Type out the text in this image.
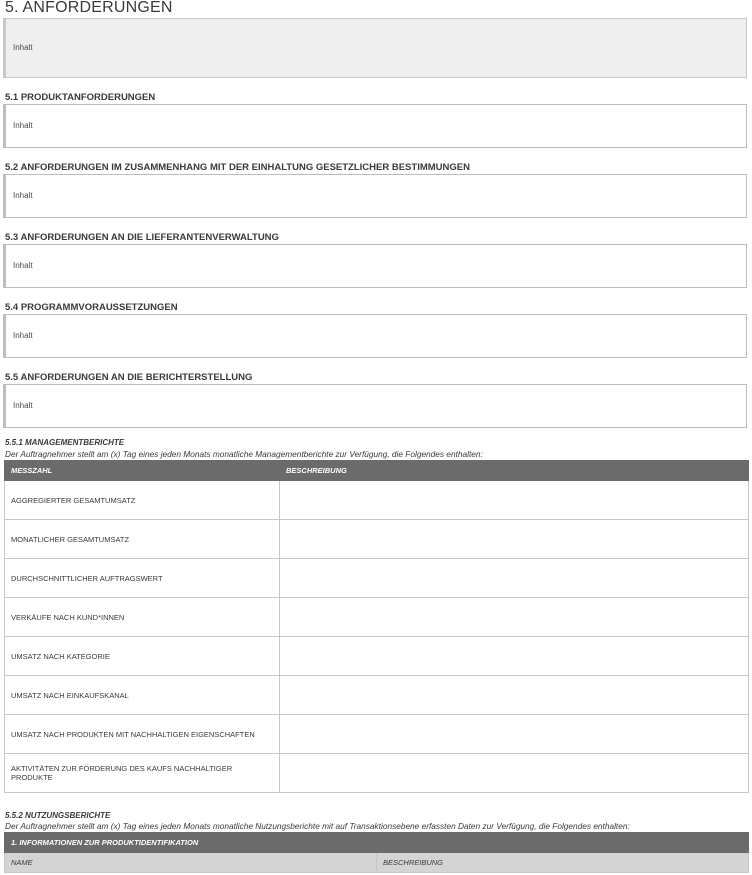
5. ANFORDERUNGEN
Inhalt
5.1 PRODUKTANFORDERUNGEN
Inhalt
5.2 ANFORDERUNGEN IM ZUSAMMENHANG MIT DER EINHALTUNG GESETZLICHER BESTIMMUNGEN
Inhalt
5.3 ANFORDERUNGEN AN DIE LIEFERANTENVERWALTUNG
Inhalt
5.4 PROGRAMMVORAUSSETZUNGEN
Inhalt
5.5 ANFORDERUNGEN AN DIE BERICHTERSTELLUNG
Inhalt
5.5.1 MANAGEMENTBERICHTE
Der Auftragnehmer stellt am (x) Tag eines jeden Monats monatliche Managementberichte zur Verfügung, die Folgendes enthalten:
MESSZAHL	BESCHREIBUNG
AGGREGIERTER GESAMTUMSATZ	
MONATLICHER GESAMTUMSATZ	
DURCHSCHNITTLICHER AUFTRAGSWERT	
VERKÄUFE NACH KUND*INNEN	
UMSATZ NACH KATEGORIE	
UMSATZ NACH EINKAUFSKANAL	
UMSATZ NACH PRODUKTEN MIT NACHHALTIGEN EIGENSCHAFTEN	
AKTIVITÄTEN ZUR FÖRDERUNG DES KAUFS NACHHALTIGER PRODUKTE	
5.5.2 NUTZUNGSBERICHTE
Der Auftragnehmer stellt am (x) Tag eines jeden Monats monatliche Nutzungsberichte mit auf Transaktionsebene erfassten Daten zur Verfügung, die Folgendes enthalten:
1. INFORMATIONEN ZUR PRODUKTIDENTIFIKATION
NAME	BESCHREIBUNG
